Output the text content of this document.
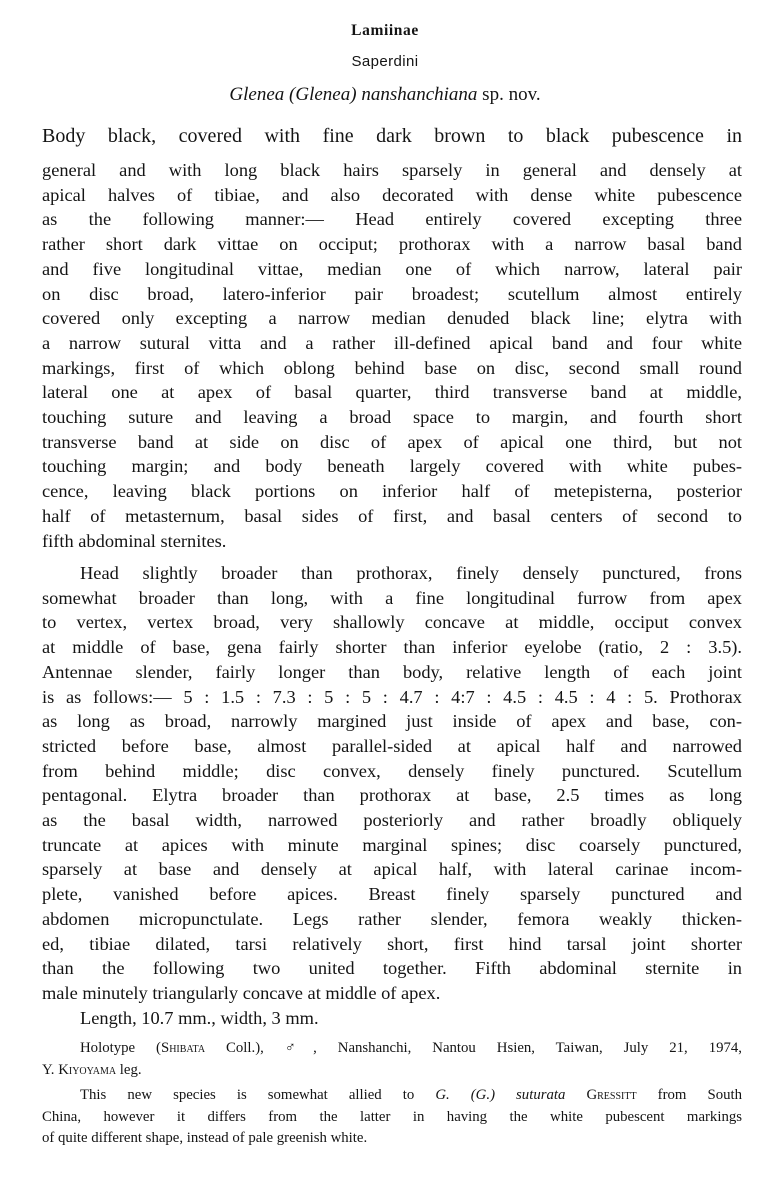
Lamiinae
Saperdini
Glenea (Glenea) nanshanchiana sp. nov.
Body black, covered with fine dark brown to black pubescence in
general and with long black hairs sparsely in general and densely at
apical halves of tibiae, and also decorated with dense white pubescence
as the following manner:— Head entirely covered excepting three
rather short dark vittae on occiput; prothorax with a narrow basal band
and five longitudinal vittae, median one of which narrow, lateral pair
on disc broad, latero-inferior pair broadest; scutellum almost entirely
covered only excepting a narrow median denuded black line; elytra with
a narrow sutural vitta and a rather ill-defined apical band and four white
markings, first of which oblong behind base on disc, second small round
lateral one at apex of basal quarter, third transverse band at middle,
touching suture and leaving a broad space to margin, and fourth short
transverse band at side on disc of apex of apical one third, but not
touching margin; and body beneath largely covered with white pubes-
cence, leaving black portions on inferior half of metepisterna, posterior
half of metasternum, basal sides of first, and basal centers of second to
fifth abdominal sternites.
Head slightly broader than prothorax, finely densely punctured, frons
somewhat broader than long, with a fine longitudinal furrow from apex
to vertex, vertex broad, very shallowly concave at middle, occiput convex
at middle of base, gena fairly shorter than inferior eyelobe (ratio, 2 : 3.5).
Antennae slender, fairly longer than body, relative length of each joint
is as follows:— 5 : 1.5 : 7.3 : 5 : 5 : 4.7 : 4:7 : 4.5 : 4.5 : 4 : 5. Prothorax
as long as broad, narrowly margined just inside of apex and base, con-
stricted before base, almost parallel-sided at apical half and narrowed
from behind middle; disc convex, densely finely punctured. Scutellum
pentagonal. Elytra broader than prothorax at base, 2.5 times as long
as the basal width, narrowed posteriorly and rather broadly obliquely
truncate at apices with minute marginal spines; disc coarsely punctured,
sparsely at base and densely at apical half, with lateral carinae incom-
plete, vanished before apices. Breast finely sparsely punctured and
abdomen micropunctulate. Legs rather slender, femora weakly thicken-
ed, tibiae dilated, tarsi relatively short, first hind tarsal joint shorter
than the following two united together. Fifth abdominal sternite in
male minutely triangularly concave at middle of apex.
Length, 10.7 mm., width, 3 mm.
Holotype (Shibata Coll.), ♂, Nanshanchi, Nantou Hsien, Taiwan, July 21, 1974,
Y. Kiyoyama leg.
This new species is somewhat allied to G. (G.) suturata Gressitt from South
China, however it differs from the latter in having the white pubescent markings
of quite different shape, instead of pale greenish white.
